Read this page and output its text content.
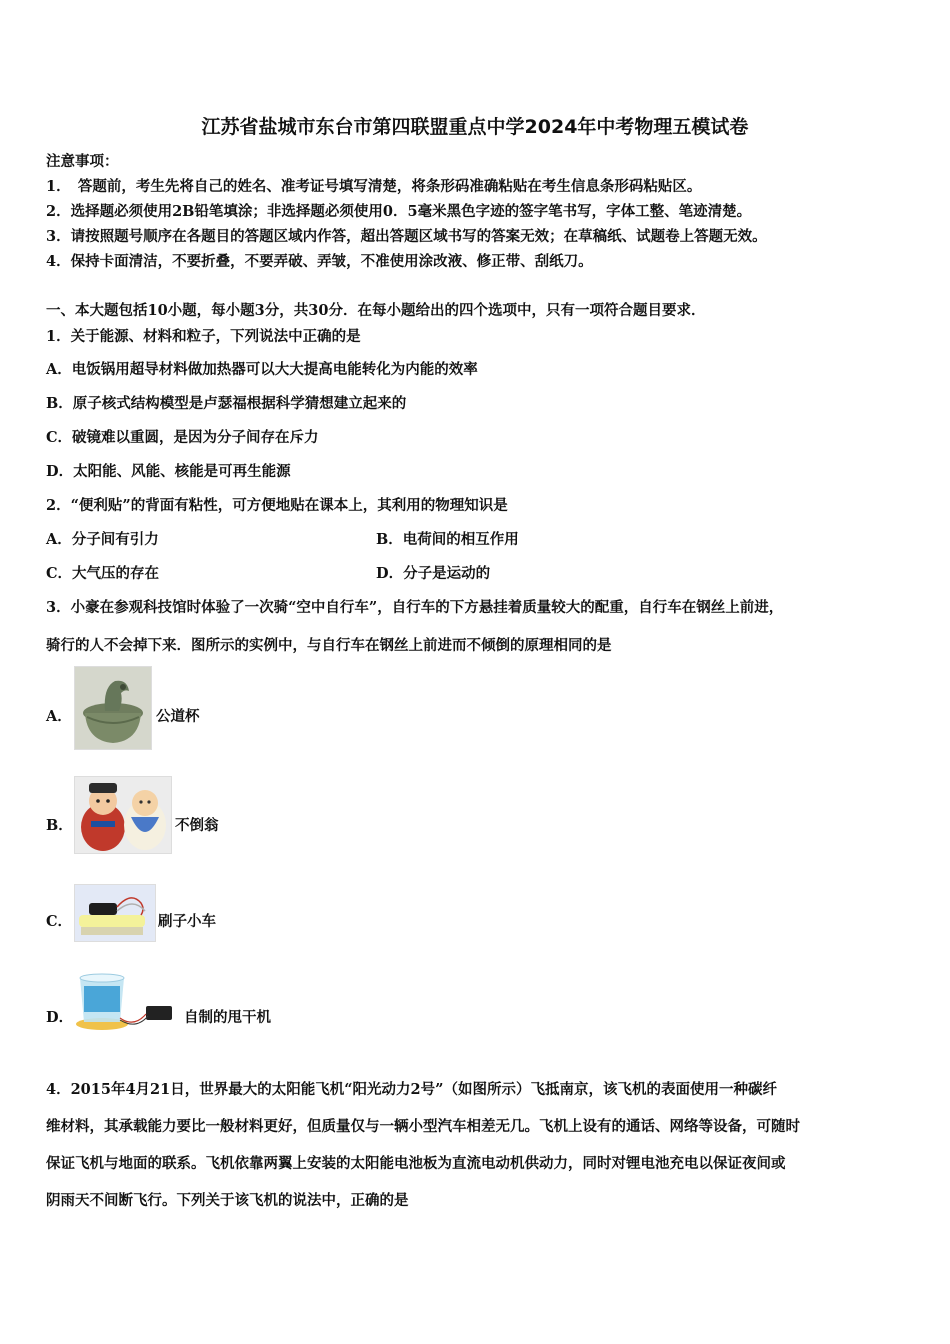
江苏省盐城市东台市第四联盟重点中学2024年中考物理五模试卷
注意事项：
1．　答题前，考生先将自己的姓名、准考证号填写清楚，将条形码准确粘贴在考生信息条形码粘贴区。
2．选择题必须使用2B铅笔填涂；非选择题必须使用0．5毫米黑色字迹的签字笔书写，字体工整、笔迹清楚。
3．请按照题号顺序在各题目的答题区域内作答，超出答题区域书写的答案无效；在草稿纸、试题卷上答题无效。
4．保持卡面清洁，不要折叠，不要弄破、弄皱，不准使用涂改液、修正带、刮纸刀。
一、本大题包括10小题，每小题3分，共30分．在每小题给出的四个选项中，只有一项符合题目要求．
1．关于能源、材料和粒子，下列说法中正确的是
A．电饭锅用超导材料做加热器可以大大提高电能转化为内能的效率
B．原子核式结构模型是卢瑟福根据科学猜想建立起来的
C．破镜难以重圆，是因为分子间存在斥力
D．太阳能、风能、核能是可再生能源
2．“便利贴”的背面有粘性，可方便地贴在课本上，其利用的物理知识是
A．分子间有引力	B．电荷间的相互作用
C．大气压的存在	D．分子是运动的
3．小豪在参观科技馆时体验了一次骑“空中自行车”，自行车的下方悬挂着质量较大的配重，自行车在钢丝上前进，
骑行的人不会掉下来．图所示的实例中，与自行车在钢丝上前进而不倾倒的原理相同的是
A．	公道杯
B．	不倒翁
C．	刷子小车
D．	自制的甩干机
4．2015年4月21日，世界最大的太阳能飞机“阳光动力2号”（如图所示）飞抵南京，该飞机的表面使用一种碳纤
维材料，其承载能力要比一般材料更好，但质量仅与一辆小型汽车相差无几。飞机上设有的通话、网络等设备，可随时
保证飞机与地面的联系。飞机依靠两翼上安装的太阳能电池板为直流电动机供动力，同时对锂电池充电以保证夜间或
阴雨天不间断飞行。下列关于该飞机的说法中，正确的是
